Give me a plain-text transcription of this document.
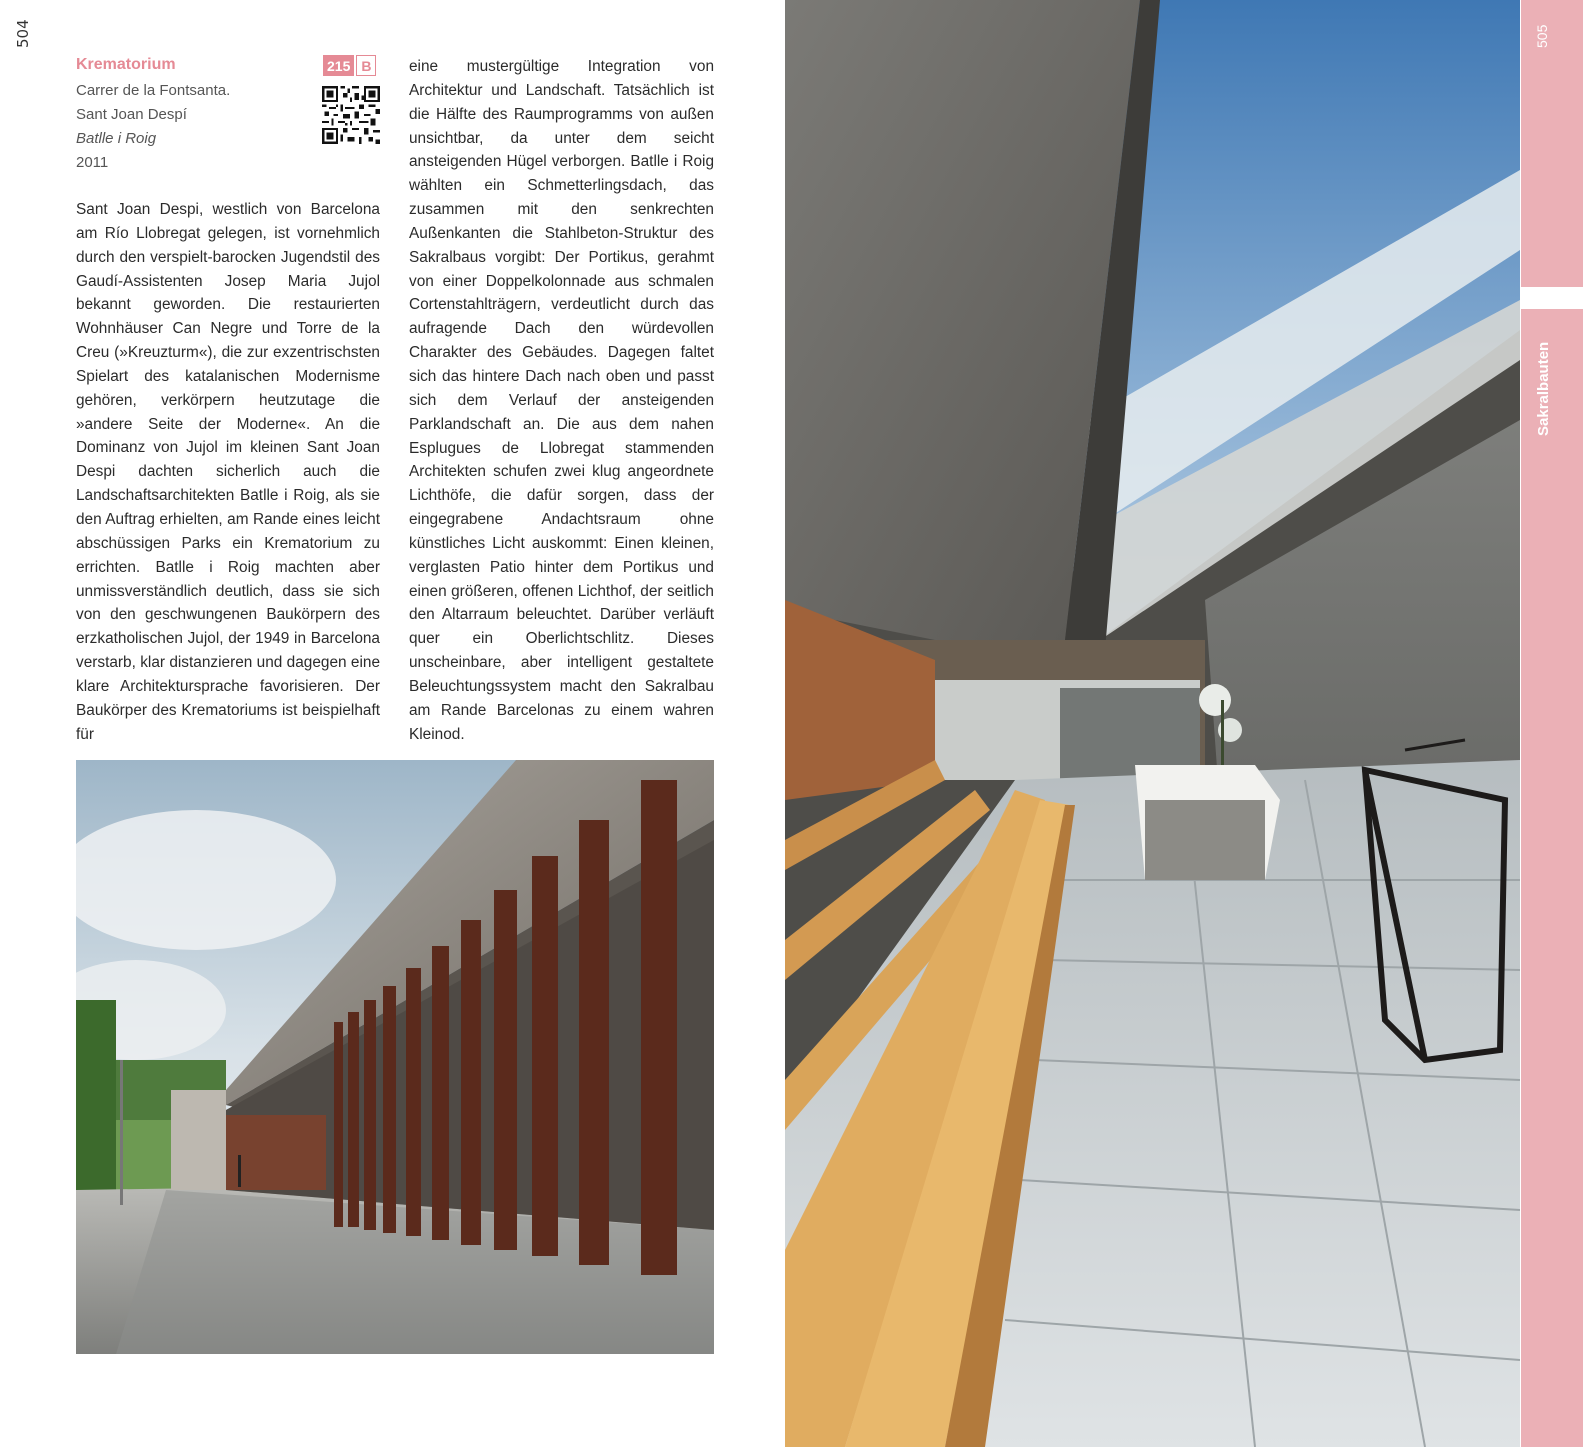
504
Krematorium
Carrer de la Fontsanta.
Sant Joan Despí
Batlle i Roig
2011
215 B
Sant Joan Despi, westlich von Barcelona am Río Llobregat gelegen, ist vornehmlich durch den verspielt-barocken Jugendstil des Gaudí-Assistenten Josep Maria Jujol bekannt geworden. Die restaurierten Wohnhäuser Can Negre und Torre de la Creu (»Kreuzturm«), die zur exzentrischsten Spielart des katalanischen Modernisme gehören, verkörpern heutzutage die »andere Seite der Moderne«. An die Dominanz von Jujol im kleinen Sant Joan Despi dachten sicherlich auch die Landschaftsarchitekten Batlle i Roig, als sie den Auftrag erhielten, am Rande eines leicht abschüssigen Parks ein Krematorium zu errichten. Batlle i Roig machten aber unmissverständlich deutlich, dass sie sich von den geschwungenen Baukörpern des erzkatholischen Jujol, der 1949 in Barcelona verstarb, klar distanzieren und dagegen eine klare Architektursprache favorisieren. Der Baukörper des Krematoriums ist beispielhaft für
eine mustergültige Integration von Architektur und Landschaft. Tatsächlich ist die Hälfte des Raumprogramms von außen unsichtbar, da unter dem seicht ansteigenden Hügel verborgen. Batlle i Roig wählten ein Schmetterlingsdach, das zusammen mit den senkrechten Außenkanten die Stahlbeton-Struktur des Sakralbaus vorgibt: Der Portikus, gerahmt von einer Doppelkolonnade aus schmalen Cortenstahlträgern, verdeutlicht durch das aufragende Dach den würdevollen Charakter des Gebäudes. Dagegen faltet sich das hintere Dach nach oben und passt sich dem Verlauf der ansteigenden Parklandschaft an. Die aus dem nahen Esplugues de Llobregat stammenden Architekten schufen zwei klug angeordnete Lichthöfe, die dafür sorgen, dass der eingegrabene Andachtsraum ohne künstliches Licht auskommt: Einen kleinen, verglasten Patio hinter dem Portikus und einen größeren, offenen Lichthof, der seitlich den Altarraum beleuchtet. Darüber verläuft quer ein Oberlichtschlitz. Dieses unscheinbare, aber intelligent gestaltete Beleuchtungssystem macht den Sakralbau am Rande Barcelonas zu einem wahren Kleinod.
505
Sakralbauten
